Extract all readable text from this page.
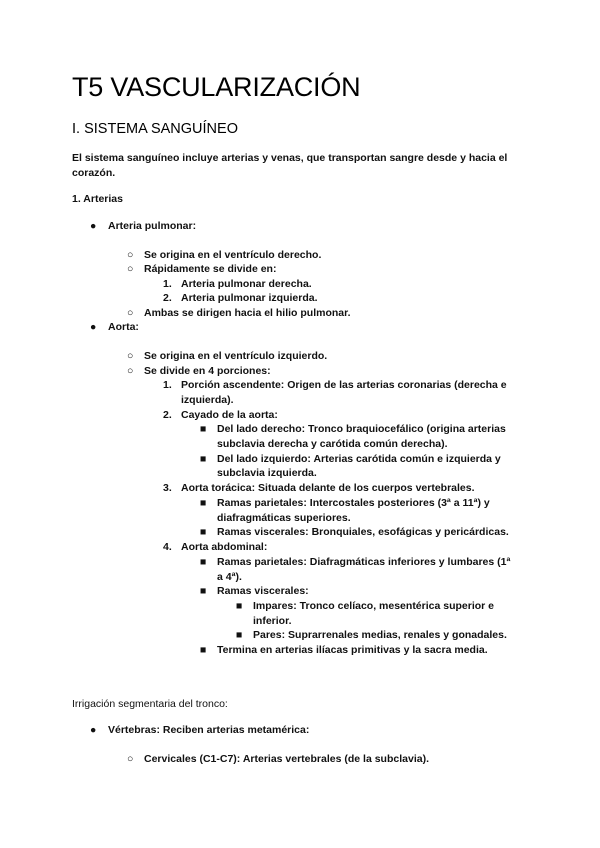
T5 VASCULARIZACIÓN
I. SISTEMA SANGUÍNEO
El sistema sanguíneo incluye arterias y venas, que transportan sangre desde y hacia el corazón.
1. Arterias
● Arteria pulmonar:
○ Se origina en el ventrículo derecho.
○ Rápidamente se divide en:
1. Arteria pulmonar derecha.
2. Arteria pulmonar izquierda.
○ Ambas se dirigen hacia el hilio pulmonar.
● Aorta:
○ Se origina en el ventrículo izquierdo.
○ Se divide en 4 porciones:
1. Porción ascendente: Origen de las arterias coronarias (derecha e
izquierda).
2. Cayado de la aorta:
■ Del lado derecho: Tronco braquiocefálico (origina arterias
subclavia derecha y carótida común derecha).
■ Del lado izquierdo: Arterias carótida común e izquierda y
subclavia izquierda.
3. Aorta torácica: Situada delante de los cuerpos vertebrales.
■ Ramas parietales: Intercostales posteriores (3ª a 11ª) y
diafragmáticas superiores.
■ Ramas viscerales: Bronquiales, esofágicas y pericárdicas.
4. Aorta abdominal:
■ Ramas parietales: Diafragmáticas inferiores y lumbares (1ª
a 4ª).
■ Ramas viscerales:
■ Impares: Tronco celíaco, mesentérica superior e
inferior.
■ Pares: Suprarrenales medias, renales y gonadales.
■ Termina en arterias ilíacas primitivas y la sacra media.
Irrigación segmentaria del tronco:
● Vértebras: Reciben arterias metamérica:
○ Cervicales (C1-C7): Arterias vertebrales (de la subclavia).
